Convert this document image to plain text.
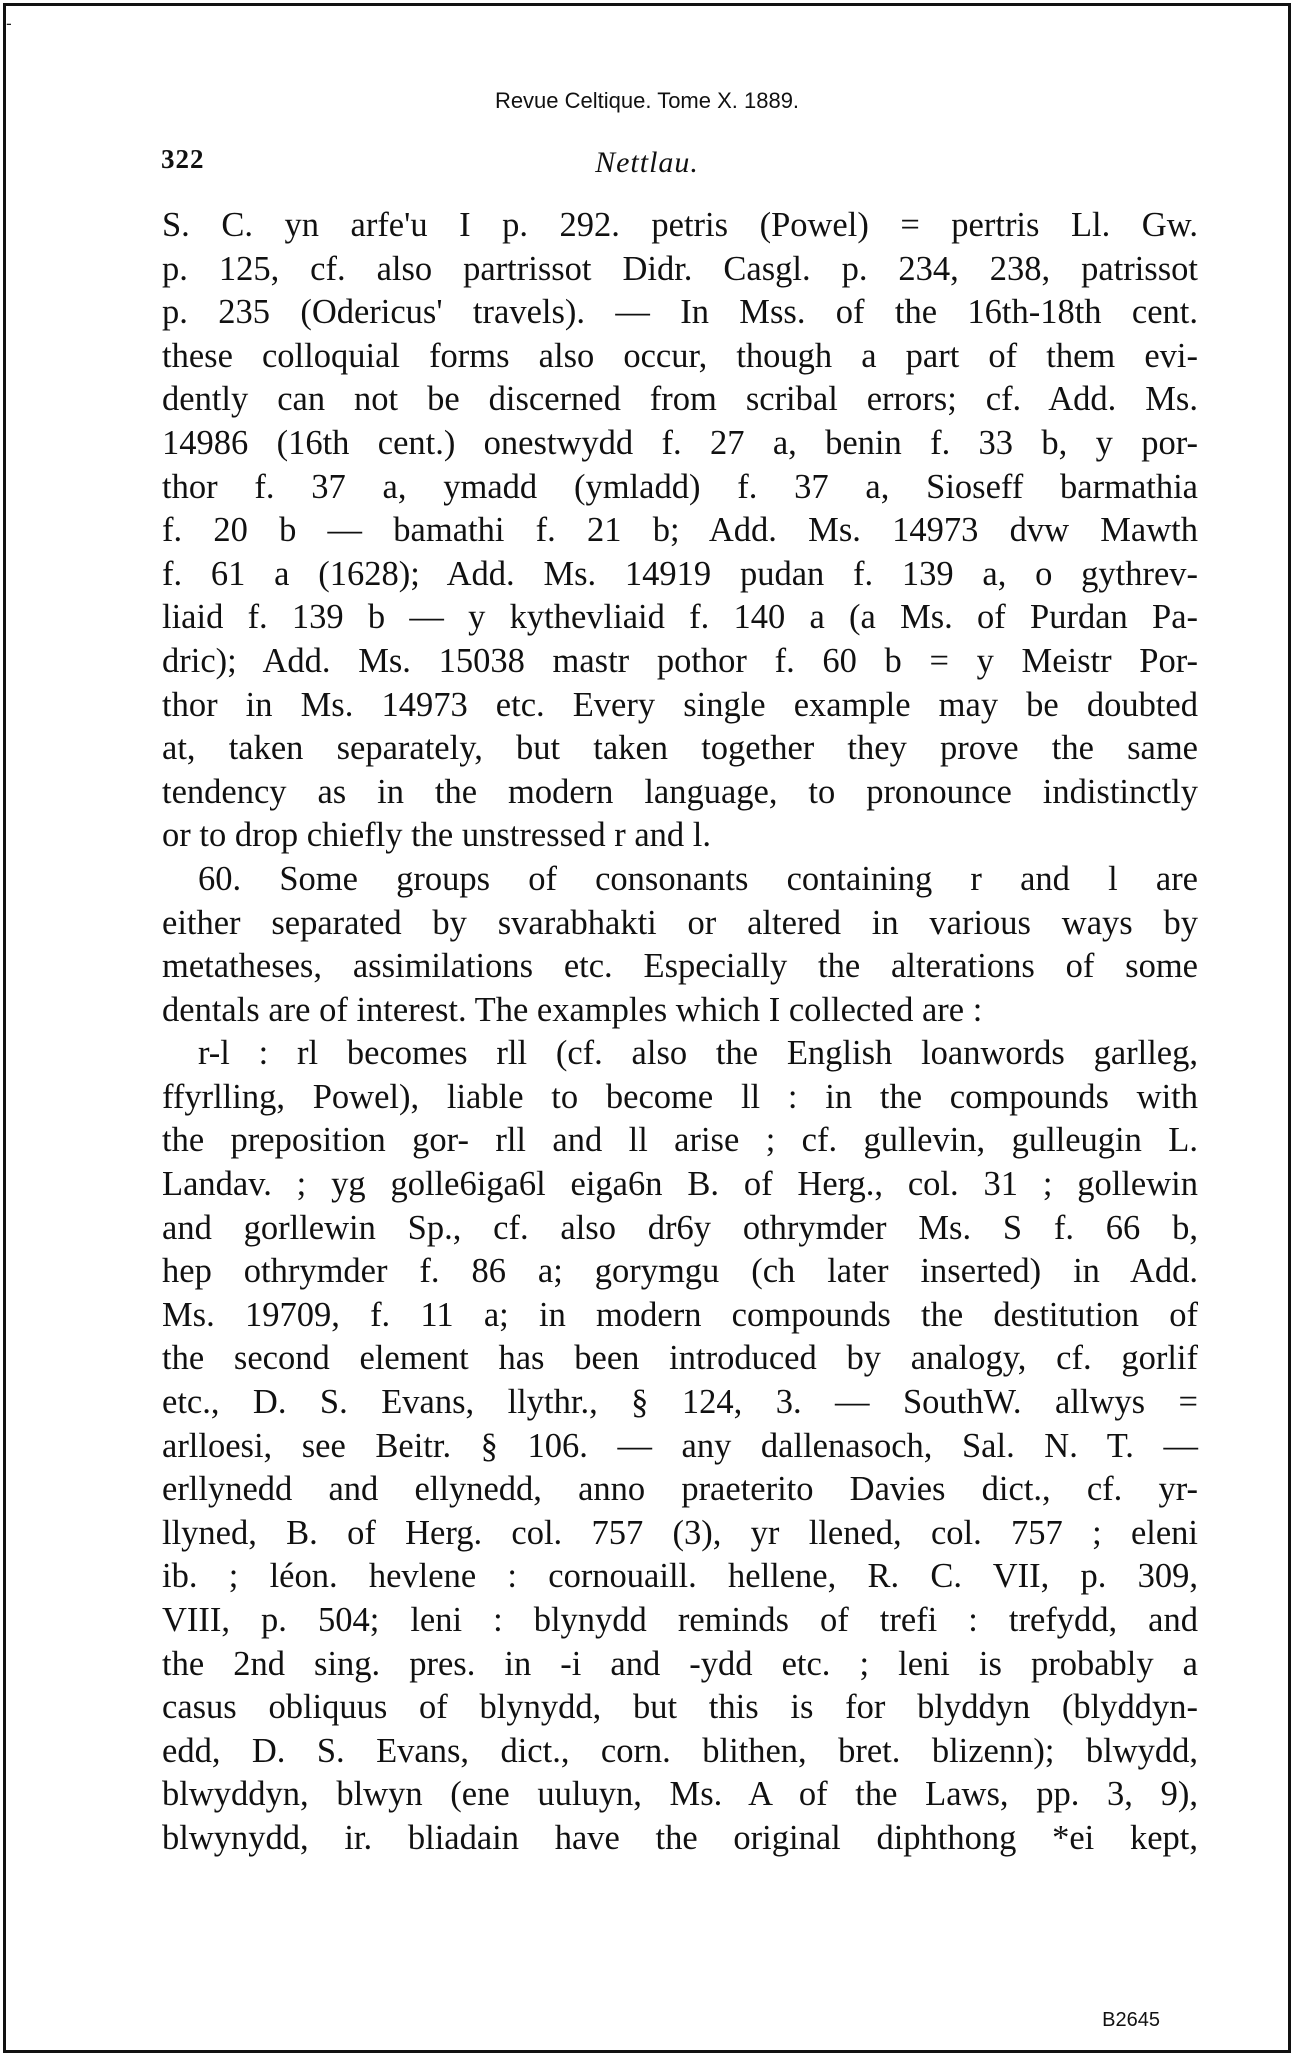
-
Revue Celtique. Tome X. 1889.
322	Nettlau.
S. C. yn arfe'u I p. 292. petris (Powel) = pertris Ll. Gw.
p. 125, cf. also partrissot Didr. Casgl. p. 234, 238, patrissot
p. 235 (Odericus' travels). — In Mss. of the 16th-18th cent.
these colloquial forms also occur, though a part of them evi-
dently can not be discerned from scribal errors; cf. Add. Ms.
14986 (16th cent.) onestwydd f. 27 a, benin f. 33 b, y por-
thor f. 37 a, ymadd (ymladd) f. 37 a, Sioseff barmathia
f. 20 b — bamathi f. 21 b; Add. Ms. 14973 dvw Mawth
f. 61 a (1628); Add. Ms. 14919 pudan f. 139 a, o gythrev-
liaid f. 139 b — y kythevliaid f. 140 a (a Ms. of Purdan Pa-
dric); Add. Ms. 15038 mastr pothor f. 60 b = y Meistr Por-
thor in Ms. 14973 etc. Every single example may be doubted
at, taken separately, but taken together they prove the same
tendency as in the modern language, to pronounce indistinctly
or to drop chiefly the unstressed r and l.
60. Some groups of consonants containing r and l are
either separated by svarabhakti or altered in various ways by
metatheses, assimilations etc. Especially the alterations of some
dentals are of interest. The examples which I collected are :
r-l : rl becomes rll (cf. also the English loanwords garlleg,
ffyrlling, Powel), liable to become ll : in the compounds with
the preposition gor- rll and ll arise ; cf. gullevin, gulleugin L.
Landav. ; yg golle6iga6l eiga6n B. of Herg., col. 31 ; gollewin
and gorllewin Sp., cf. also dr6y othrymder Ms. S f. 66 b,
hep othrymder f. 86 a; gorymgu (ch later inserted) in Add.
Ms. 19709, f. 11 a; in modern compounds the destitution of
the second element has been introduced by analogy, cf. gorlif
etc., D. S. Evans, llythr., § 124, 3. — SouthW. allwys =
arlloesi, see Beitr. § 106. — any dallenasoch, Sal. N. T. —
erllynedd and ellynedd, anno praeterito Davies dict., cf. yr-
llyned, B. of Herg. col. 757 (3), yr llened, col. 757 ; eleni
ib. ; léon. hevlene : cornouaill. hellene, R. C. VII, p. 309,
VIII, p. 504; leni : blynydd reminds of trefi : trefydd, and
the 2nd sing. pres. in -i and -ydd etc. ; leni is probably a
casus obliquus of blynydd, but this is for blyddyn (blyddyn-
edd, D. S. Evans, dict., corn. blithen, bret. blizenn); blwydd,
blwyddyn, blwyn (ene uuluyn, Ms. A of the Laws, pp. 3, 9),
blwynydd, ir. bliadain have the original diphthong *ei kept,
B2645
